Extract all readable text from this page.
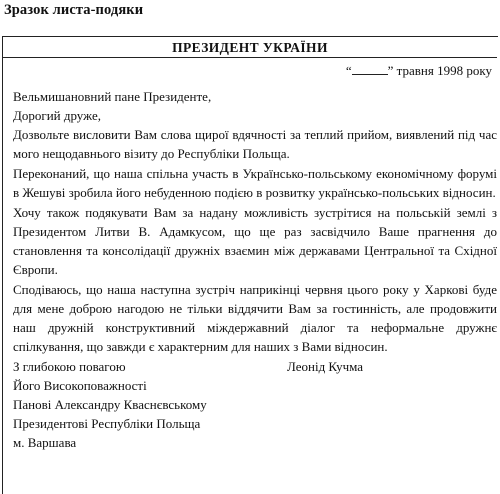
Зразок листа-подяки
ПРЕЗИДЕНТ УКРАЇНИ
“	” травня 1998 року
Вельмишановний пане Президенте,
Дорогий друже,

Дозвольте висловити Вам слова щирої вдячності за теплий прийом, виявлений під час мого нещодавнього візиту до Республіки Польща.

Переконаний, що наша спільна участь в Українсько-польському економічному форумі в Жешуві зробила його небуденною подією в розвитку українсько-польських відносин.

Хочу також подякувати Вам за надану можливість зустрітися на польській землі з Президентом Литви В. Адамкусом, що ще раз засвідчило Ваше прагнення до становлення та консолідації дружніх взаємин між державами Центральної та Східної Європи.

Сподіваюсь, що наша наступна зустріч наприкінці червня цього року у Харкові буде для мене доброю нагодою не тільки віддячити Вам за гостинність, але продовжити наш дружній конструктивний міждержавний діалог та неформальне дружнє спілкування, що завжди є характерним для наших з Вами відносин.

З глибокою повагою	Леонід Кучма
Його Високоповажності
Панові Александру Кваснєвському
Президентові Республіки Польща
м. Варшава
